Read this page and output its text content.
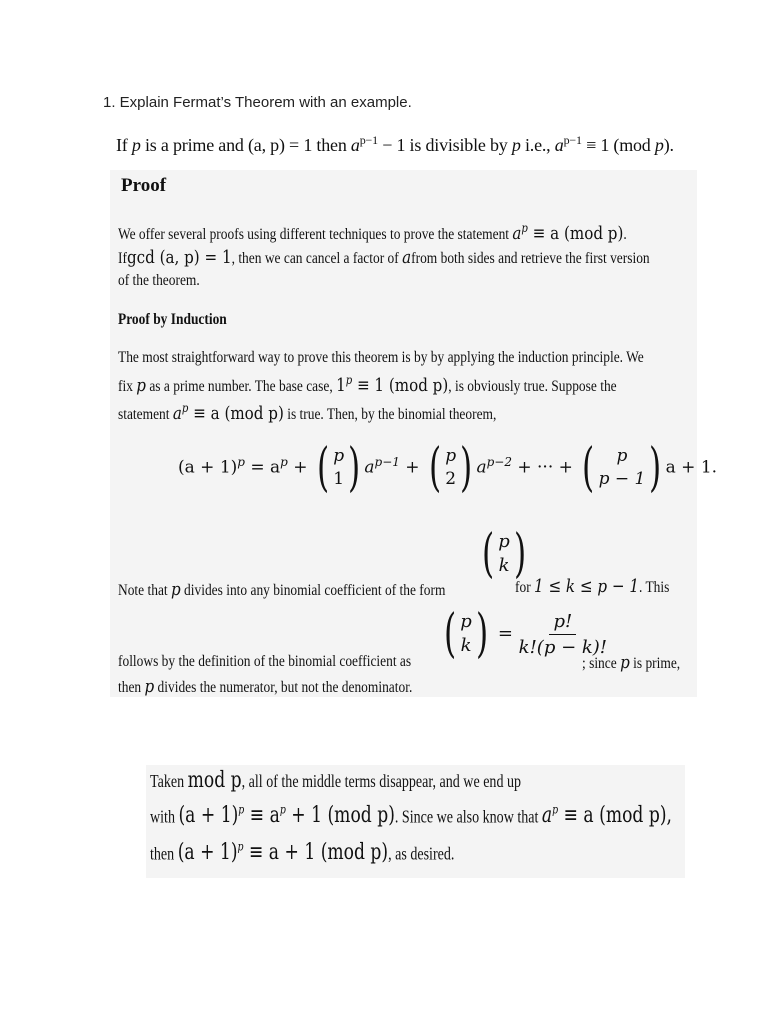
1. Explain Fermat’s Theorem with an example.
If p is a prime and (a, p) = 1 then $a^{p-1} - 1$ is divisible by p i.e., $a^{p-1} \equiv 1$ (mod p).
Proof
We offer several proofs using different techniques to prove the statement $a^p \equiv a$ (mod p).
Ifgcd (a, p) = 1, then we can cancel a factor of afrom both sides and retrieve the first version
of the theorem.
Proof by Induction
The most straightforward way to prove this theorem is by by applying the induction principle. We
fix p as a prime number. The base case, $1^p \equiv 1$ (mod p), is obviously true. Suppose the
statement $a^p \equiv a$ (mod p) is true. Then, by the binomial theorem,
$(a + 1)^p = a^p$ + ( p
1 ) $a^{p-1}$ + ( p
2 ) $a^{p-2}$ + ··· + ( p
p − 1 ) a + 1.
( p
k )
Note that p divides into any binomial coefficient of the form	for 1 ≤ k ≤ p − 1. This
( p
k ) = $\frac{p!}{k!(p - k)!}$
follows by the definition of the binomial coefficient as	; since p is prime,
then p divides the numerator, but not the denominator.
Taken mod p, all of the middle terms disappear, and we end up
with $(a + 1)^p \equiv a^p + 1$ (mod p). Since we also know that $a^p \equiv a$ (mod p),
then $(a + 1)^p \equiv a + 1$ (mod p), as desired.
